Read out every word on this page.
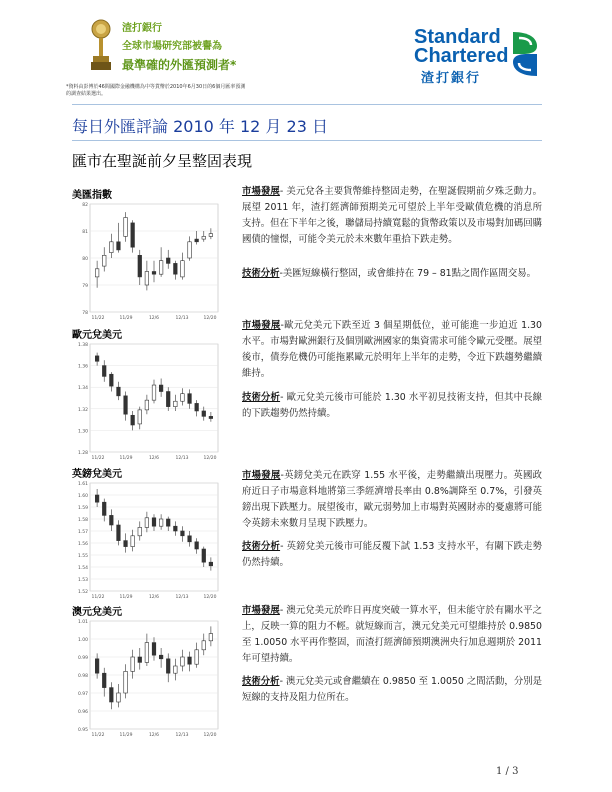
渣打銀行
全球市場研究部被譽為
最準確的外匯預測者*
*資料由彭博於46間國際金融機構為中等貨幣於2010年6月30日的6個月匯率預測的調查結果選出。
Standard
Chartered
渣打銀行
每日外匯評論 2010 年 12 月 23 日
匯市在聖誕前夕呈整固表現
美匯指數
82
81
80
79
78
11/22	11/29	12/6	12/13	12/20
市場發展- 美元兌各主要貨幣維持整固走勢，在聖誕假期前夕殊乏動力。展望 2011 年，渣打經濟師預期美元可望於上半年受歐債危機的消息所支持。但在下半年之後，聯儲局持續寬鬆的貨幣政策以及市場對加碼回購國債的憧憬，可能令美元於未來數年重拾下跌走勢。
技術分析-美匯短線橫行整固，或會維持在 79 – 81點之間作區間交易。
歐元兌美元
1.38
1.36
1.34
1.32
1.30
1.28
11/22	11/29	12/6	12/13	12/20
市場發展-歐元兌美元下跌至近 3 個星期低位，並可能進一步迫近 1.30 水平。市場對歐洲銀行及個別歐洲國家的集資需求可能令歐元受壓。展望後市，債券危機仍可能拖累歐元於明年上半年的走勢，令近下跌趨勢繼續維持。
技術分析- 歐元兌美元後市可能於 1.30 水平初見技術支持，但其中長線的下跌趨勢仍然持續。
英鎊兌美元
1.61
1.60
1.59
1.58
1.57
1.56
1.55
1.54
1.53
1.52
11/22	11/29	12/6	12/13	12/20
市場發展-英鎊兌美元在跌穿 1.55 水平後，走勢繼續出現壓力。英國政府近日子市場意料地將第三季經濟增長率由 0.8%調降至 0.7%，引發英鎊出現下跌壓力。展望後市，歐元弱勢加上市場對英國財赤的憂慮將可能令英鎊未來數月呈現下跌壓力。
技術分析- 英鎊兌美元後市可能反覆下試 1.53 支持水平，有關下跌走勢仍然持續。
澳元兌美元
1.01
1.00
0.99
0.98
0.97
0.96
0.95
11/22	11/29	12/6	12/13	12/20
市場發展- 澳元兌美元於昨日再度突破一算水平，但未能守於有關水平之上，反映一算的阻力不輕。就短線而言，澳元兌美元可望維持於 0.9850 至 1.0050 水平再作整固，而渣打經濟師預期澳洲央行加息週期於 2011 年可望持續。
技術分析- 澳元兌美元或會繼續在 0.9850 至 1.0050 之間活動，分別是短線的支持及阻力位所在。
1 / 3
